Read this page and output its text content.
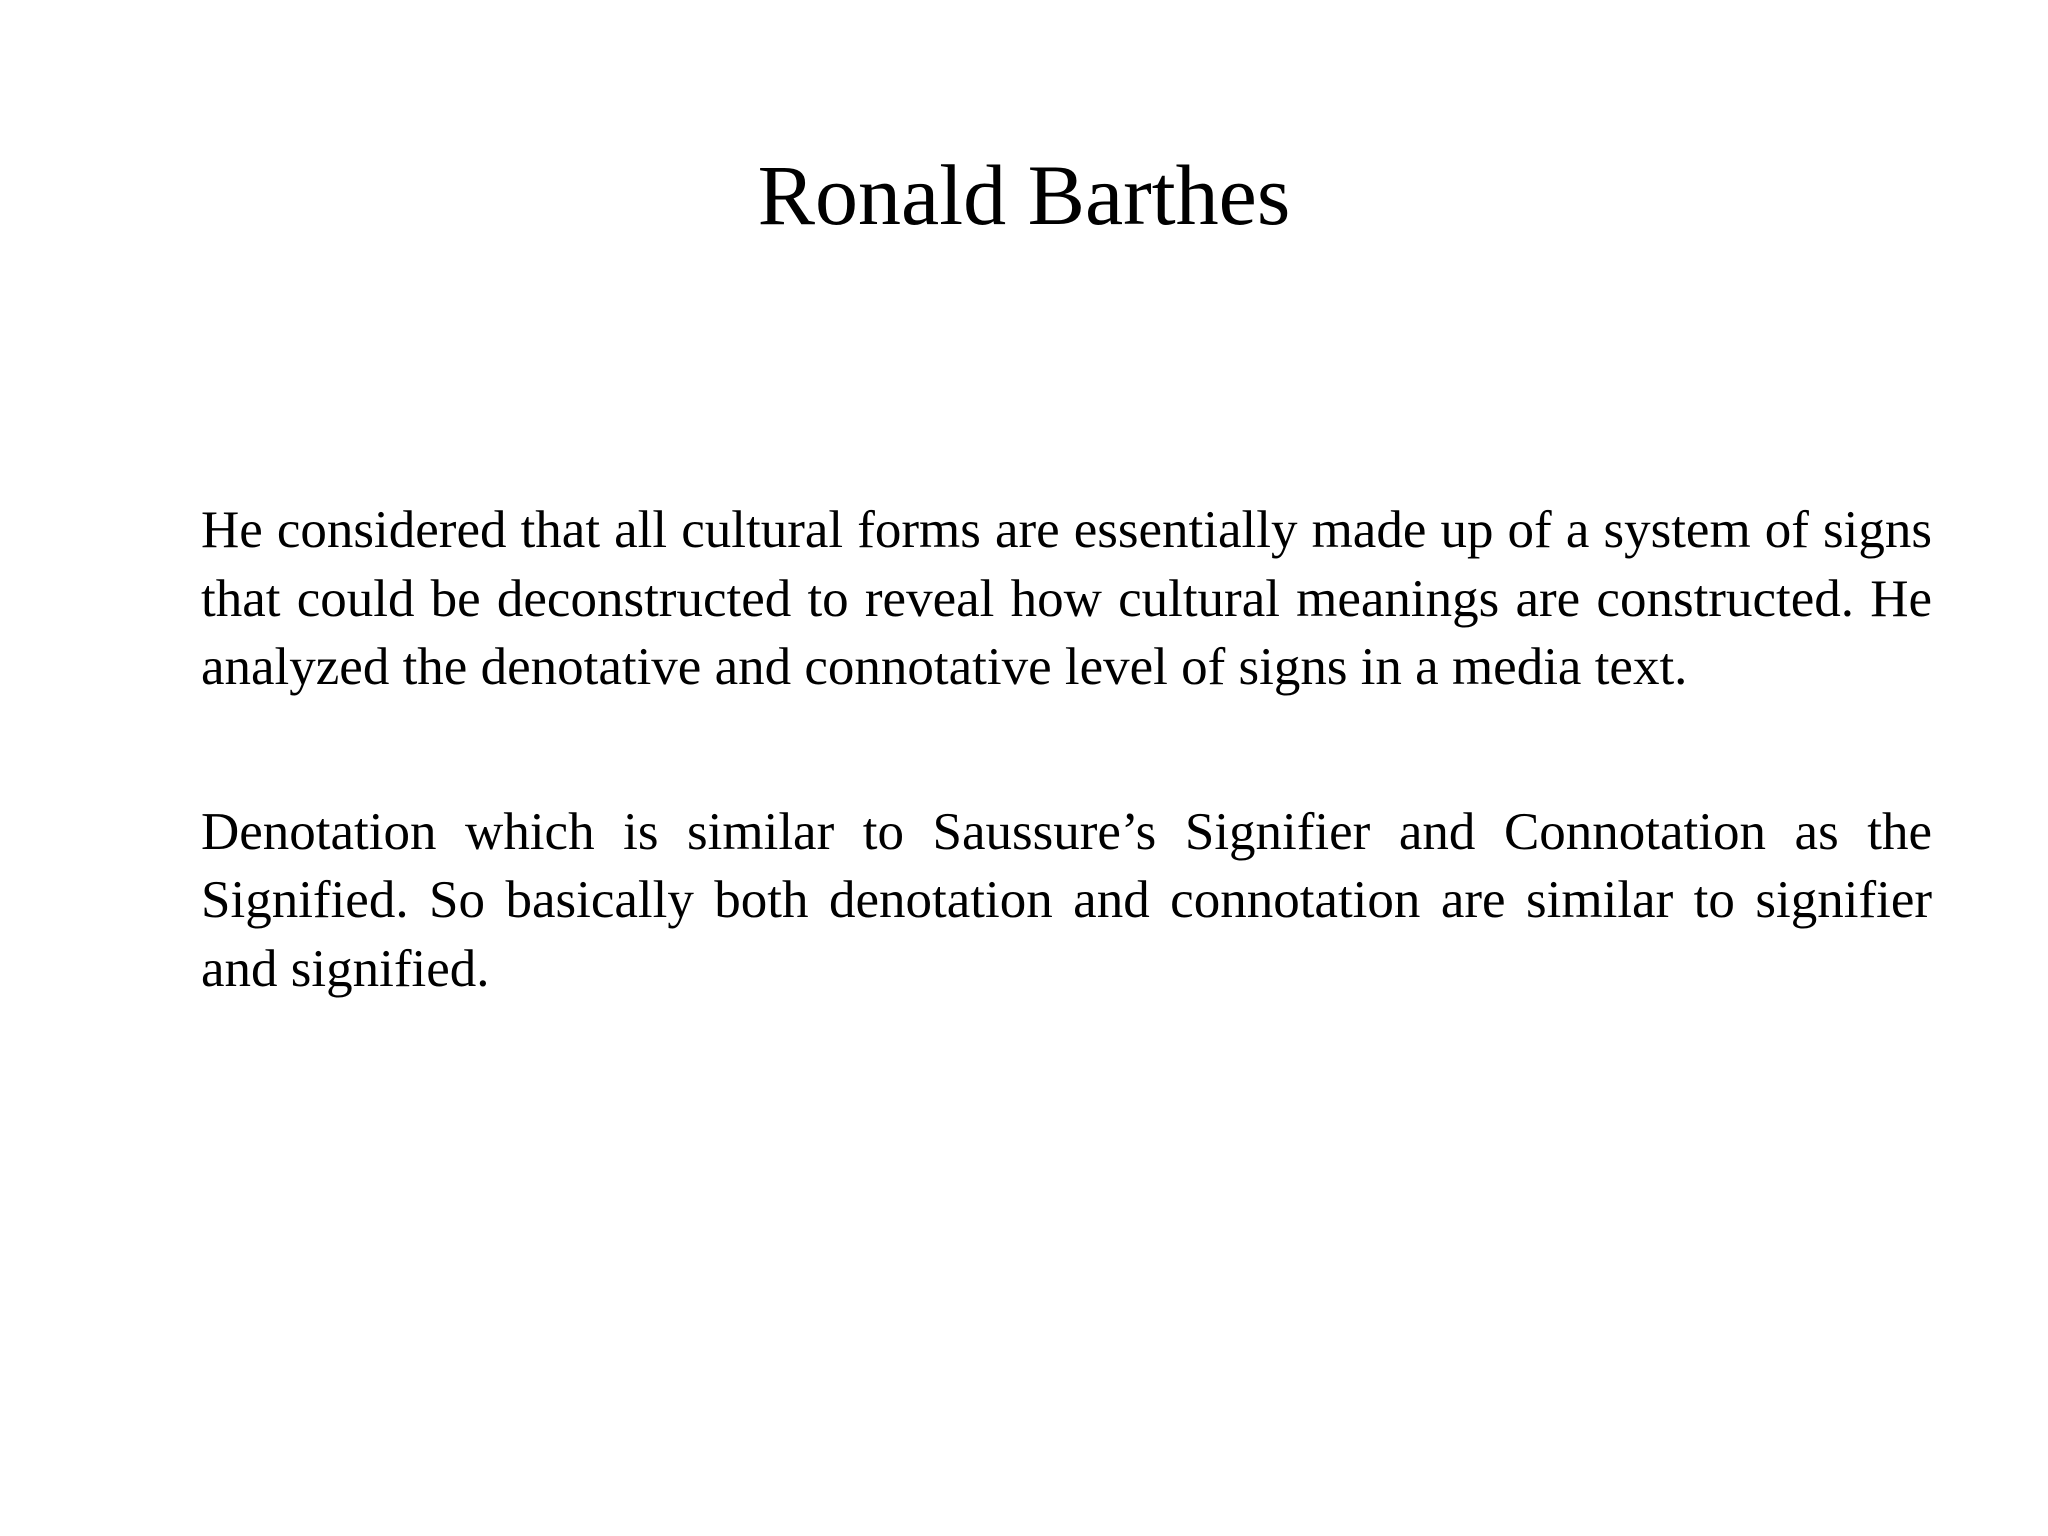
Ronald Barthes

He considered that all cultural forms are essentially made up of a system of signs that could be deconstructed to reveal how cultural meanings are constructed. He analyzed the denotative and connotative level of signs in a media text.

Denotation which is similar to Saussure’s Signifier and Connotation as the Signified. So basically both denotation and connotation are similar to signifier and signified.
